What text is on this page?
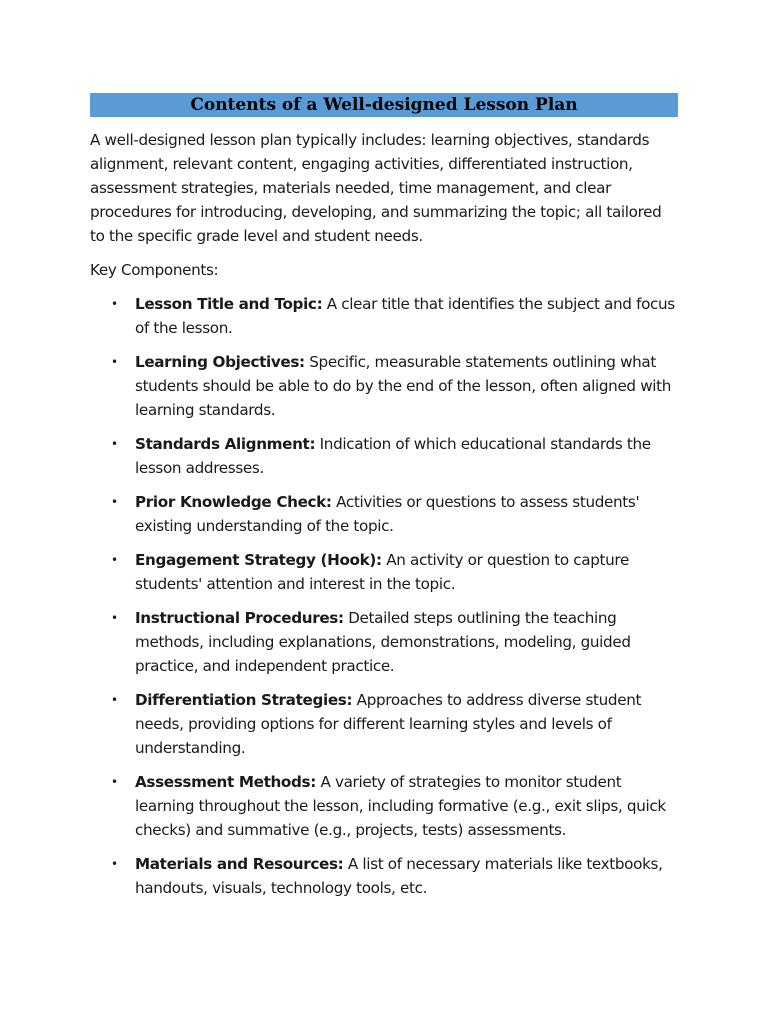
Contents of a Well-designed Lesson Plan

A well-designed lesson plan typically includes: learning objectives, standards alignment, relevant content, engaging activities, differentiated instruction, assessment strategies, materials needed, time management, and clear procedures for introducing, developing, and summarizing the topic; all tailored to the specific grade level and student needs.

Key Components:

• Lesson Title and Topic: A clear title that identifies the subject and focus of the lesson.
• Learning Objectives: Specific, measurable statements outlining what students should be able to do by the end of the lesson, often aligned with learning standards.
• Standards Alignment: Indication of which educational standards the lesson addresses.
• Prior Knowledge Check: Activities or questions to assess students' existing understanding of the topic.
• Engagement Strategy (Hook): An activity or question to capture students' attention and interest in the topic.
• Instructional Procedures: Detailed steps outlining the teaching methods, including explanations, demonstrations, modeling, guided practice, and independent practice.
• Differentiation Strategies: Approaches to address diverse student needs, providing options for different learning styles and levels of understanding.
• Assessment Methods: A variety of strategies to monitor student learning throughout the lesson, including formative (e.g., exit slips, quick checks) and summative (e.g., projects, tests) assessments.
• Materials and Resources: A list of necessary materials like textbooks, handouts, visuals, technology tools, etc.
